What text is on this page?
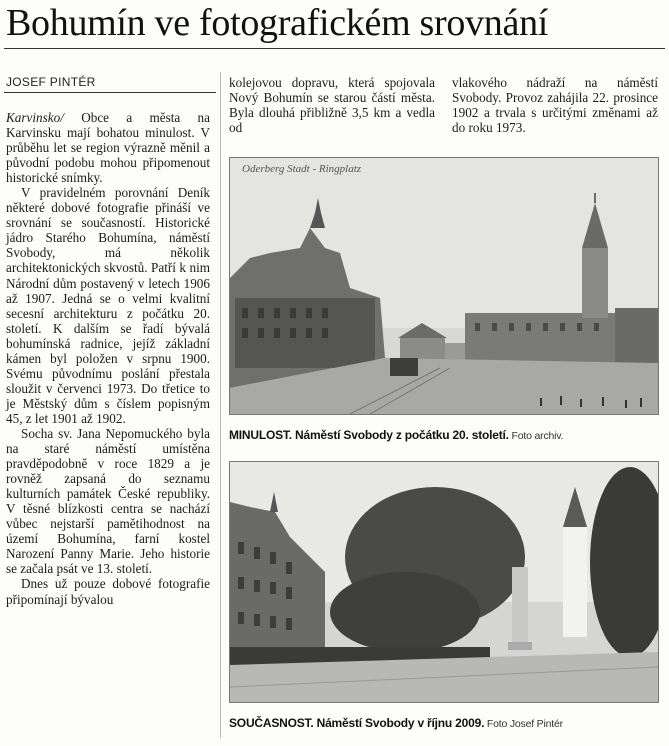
Bohumín ve fotografickém srovnání
JOSEF PINTÉR

Karvinsko/ Obce a města na Karvinsku mají bohatou minulost. V průběhu let se region výrazně měnil a původní podobu mohou připomenout historické snímky.

V pravidelném porovnání Deník některé dobové fotografie přináší ve srovnání se současností. Historické jádro Starého Bohumína, náměstí Svobody, má několik architektonických skvostů. Patří k nim Národní dům postavený v letech 1906 až 1907. Jedná se o velmi kvalitní secesní architekturu z počátku 20. století. K dalším se řadí bývalá bohumínská radnice, jejíž základní kámen byl položen v srpnu 1900. Svému původnímu poslání přestala sloužit v červenci 1973. Do třetice to je Městský dům s číslem popisným 45, z let 1901 až 1902.

Socha sv. Jana Nepomuckého byla na staré náměstí umístěna pravděpodobně v roce 1829 a je rovněž zapsaná do seznamu kulturních památek České republiky. V těsné blízkosti centra se nachází vůbec nejstarší pamětihodnost na území Bohumína, farní kostel Narození Panny Marie. Jeho historie se začala psát ve 13. století.

Dnes už pouze dobové fotografie připomínají bývalou

kolejovou dopravu, která spojovala Nový Bohumín se starou částí města. Byla dlouhá přibližně 3,5 km a vedla od

vlakového nádraží na náměstí Svobody. Provoz zahájila 22. prosince 1902 a trvala s určitými změnami až do roku 1973.

Oderberg Stadt - Ringplatz
MINULOST. Náměstí Svobody z počátku 20. století. Foto archiv.
SOUČASNOST. Náměstí Svobody v říjnu 2009. Foto Josef Pintér
